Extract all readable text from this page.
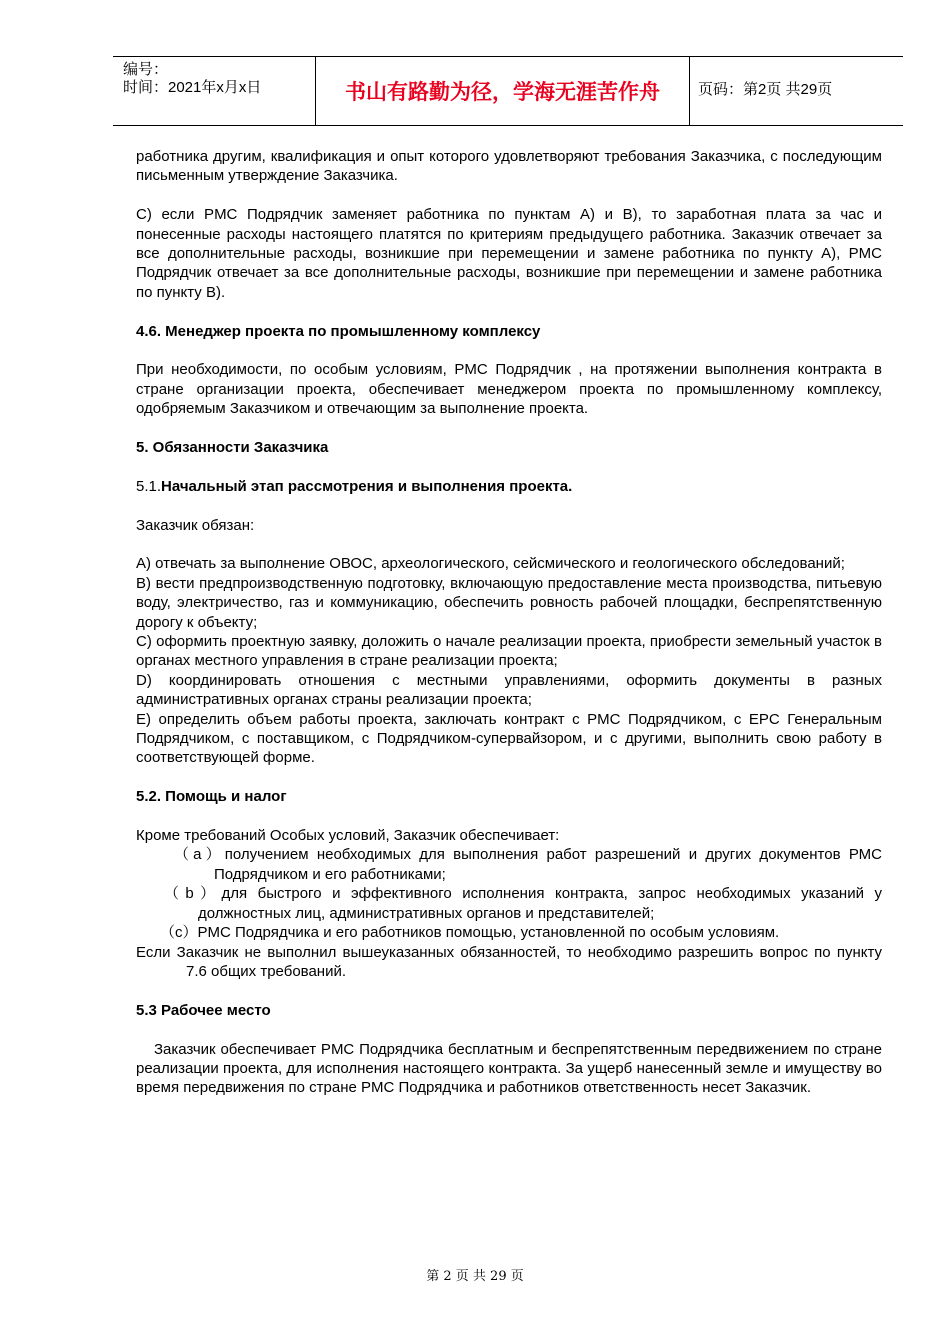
编号：
时间：2021年x月x日	书山有路勤为径，学海无涯苦作舟	页码：第2页 共29页

работника другим, квалификация и опыт которого удовлетворяют требования Заказчика, с последующим письменным утверждение Заказчика.

C) если PMC Подрядчик заменяет работника по пунктам A) и B), то заработная плата за час и понесенные расходы настоящего платятся по критериям предыдущего работника. Заказчик отвечает за все дополнительные расходы, возникшие при перемещении и замене работника по пункту A), PMC Подрядчик отвечает за все дополнительные расходы, возникшие при перемещении и замене работника по пункту B).

4.6. Менеджер проекта по промышленному комплексу

При необходимости, по особым условиям, PMC Подрядчик , на протяжении выполнения контракта в стране организации проекта, обеспечивает менеджером проекта по промышленному комплексу, одобряемым Заказчиком и отвечающим за выполнение проекта.

5. Обязанности Заказчика

5.1.Начальный этап рассмотрения и выполнения проекта.

Заказчик обязан:

A) отвечать за выполнение ОВОС, археологического, сейсмического и геологического обследований;

B) вести предпроизводственную подготовку, включающую предоставление места производства, питьевую воду, электричество, газ и коммуникацию, обеспечить ровность рабочей площадки, беспрепятственную дорогу к объекту;

C) оформить проектную заявку, доложить о начале реализации проекта, приобрести земельный участок в органах местного управления в стране реализации проекта;

D) координировать отношения с местными управлениями, оформить документы в разных административных органах страны реализации проекта;

E) определить объем работы проекта, заключать контракт с PMC Подрядчиком, с EPC Генеральным Подрядчиком, с поставщиком, с Подрядчиком-супервайзором, и с другими, выполнить свою работу в соответствующей форме.

5.2. Помощь и налог

Кроме требований Особых условий, Заказчик обеспечивает:

（a）получением необходимых для выполнения работ разрешений и других документов РМС Подрядчиком и его работниками;

（b）для быстрого и эффективного исполнения контракта, запрос необходимых указаний у должностных лиц, административных органов и представителей;

（c）PMC Подрядчика и его работников помощью, установленной по особым условиям.

Если Заказчик не выполнил вышеуказанных обязанностей, то необходимо разрешить вопрос по пункту 7.6 общих требований.

5.3 Рабочее место

Заказчик обеспечивает PMC Подрядчика бесплатным и беспрепятственным передвижением по стране реализации проекта, для исполнения настоящего контракта. За ущерб нанесенный земле и имуществу во время передвижения по стране PMC Подрядчика и работников ответственность несет Заказчик.

第 2 页 共 29 页
